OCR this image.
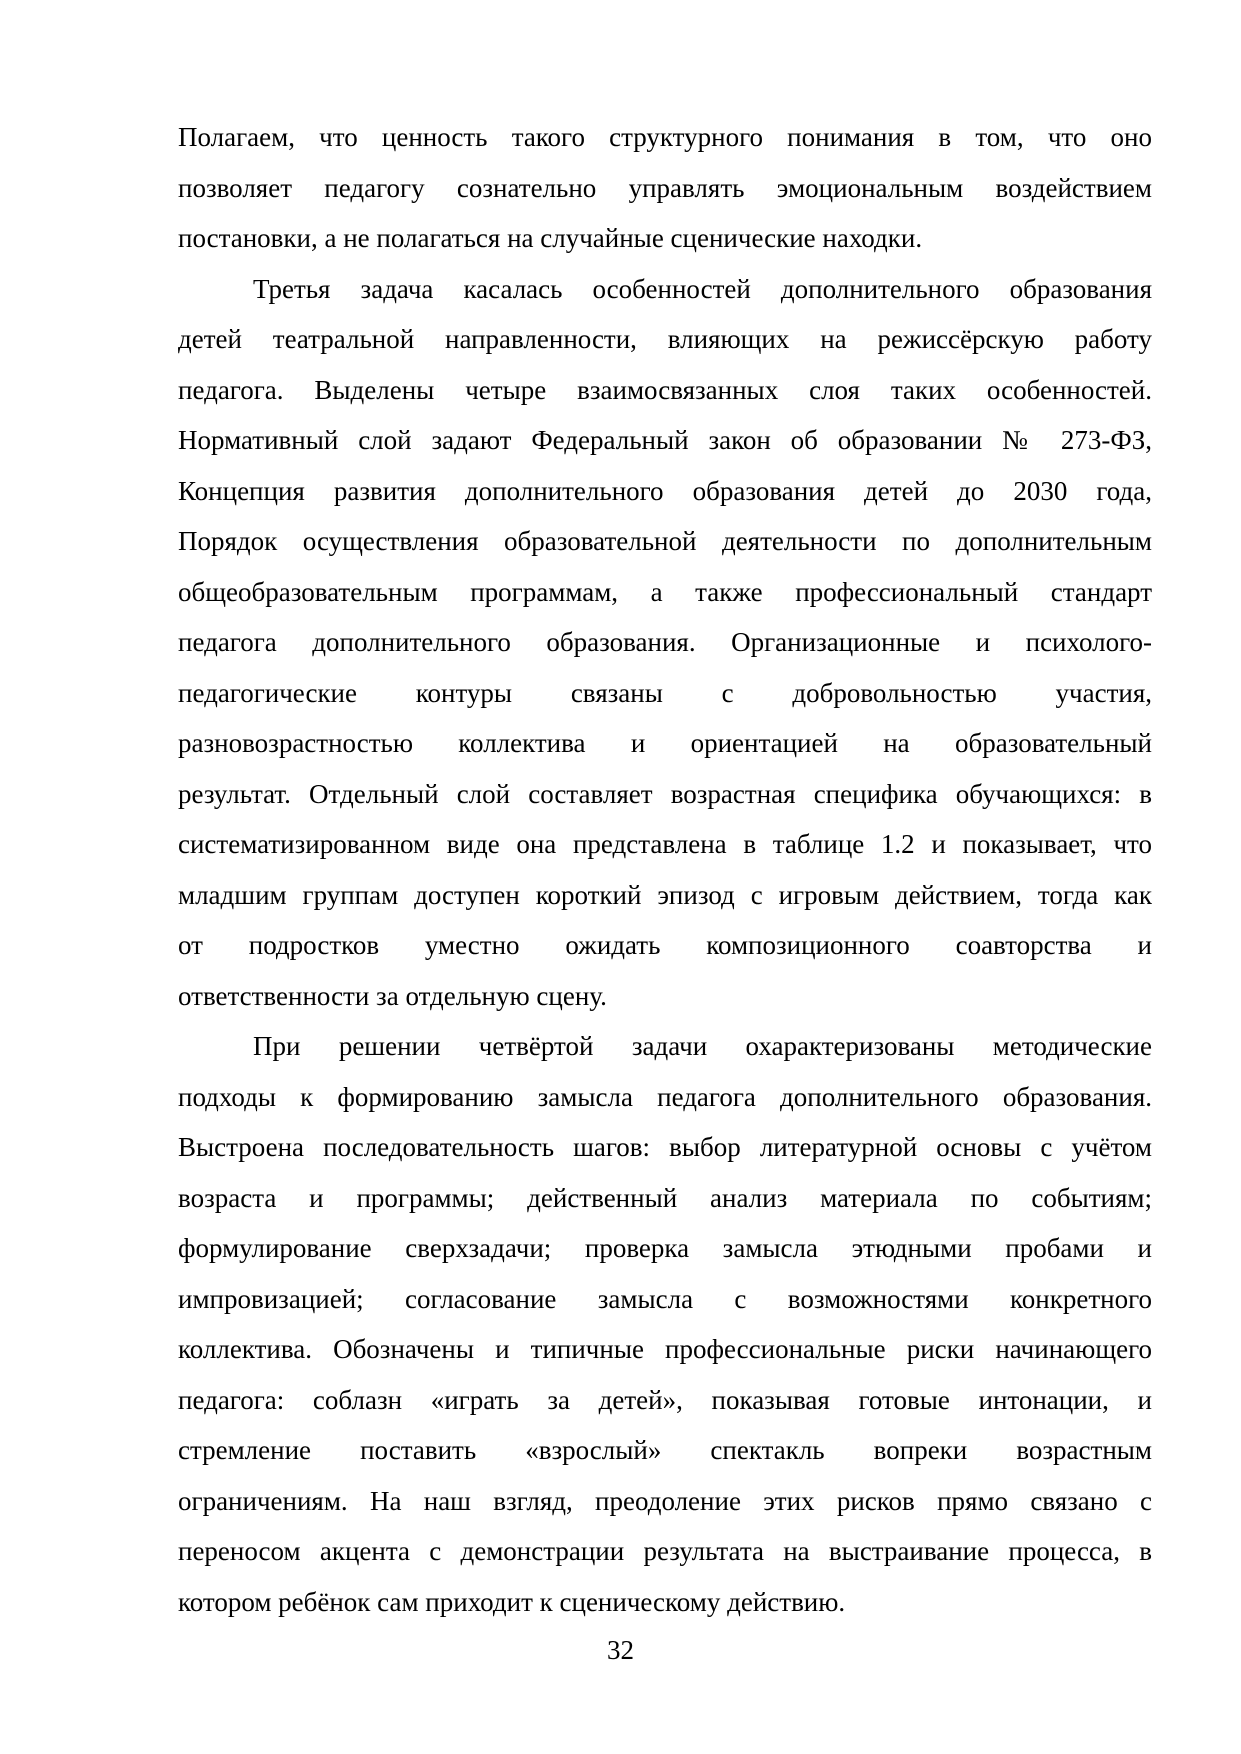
Полагаем, что ценность такого структурного понимания в том, что оно
позволяет педагогу сознательно управлять эмоциональным воздействием
постановки, а не полагаться на случайные сценические находки.
Третья задача касалась особенностей дополнительного образования
детей театральной направленности, влияющих на режиссёрскую работу
педагога. Выделены четыре взаимосвязанных слоя таких особенностей.
Нормативный слой задают Федеральный закон об образовании № 273-ФЗ,
Концепция развития дополнительного образования детей до 2030 года,
Порядок осуществления образовательной деятельности по дополнительным
общеобразовательным программам, а также профессиональный стандарт
педагога дополнительного образования. Организационные и психолого-
педагогические контуры связаны с добровольностью участия,
разновозрастностью коллектива и ориентацией на образовательный
результат. Отдельный слой составляет возрастная специфика обучающихся: в
систематизированном виде она представлена в таблице 1.2 и показывает, что
младшим группам доступен короткий эпизод с игровым действием, тогда как
от подростков уместно ожидать композиционного соавторства и
ответственности за отдельную сцену.
При решении четвёртой задачи охарактеризованы методические
подходы к формированию замысла педагога дополнительного образования.
Выстроена последовательность шагов: выбор литературной основы с учётом
возраста и программы; действенный анализ материала по событиям;
формулирование сверхзадачи; проверка замысла этюдными пробами и
импровизацией; согласование замысла с возможностями конкретного
коллектива. Обозначены и типичные профессиональные риски начинающего
педагога: соблазн «играть за детей», показывая готовые интонации, и
стремление поставить «взрослый» спектакль вопреки возрастным
ограничениям. На наш взгляд, преодоление этих рисков прямо связано с
переносом акцента с демонстрации результата на выстраивание процесса, в
котором ребёнок сам приходит к сценическому действию.
32
